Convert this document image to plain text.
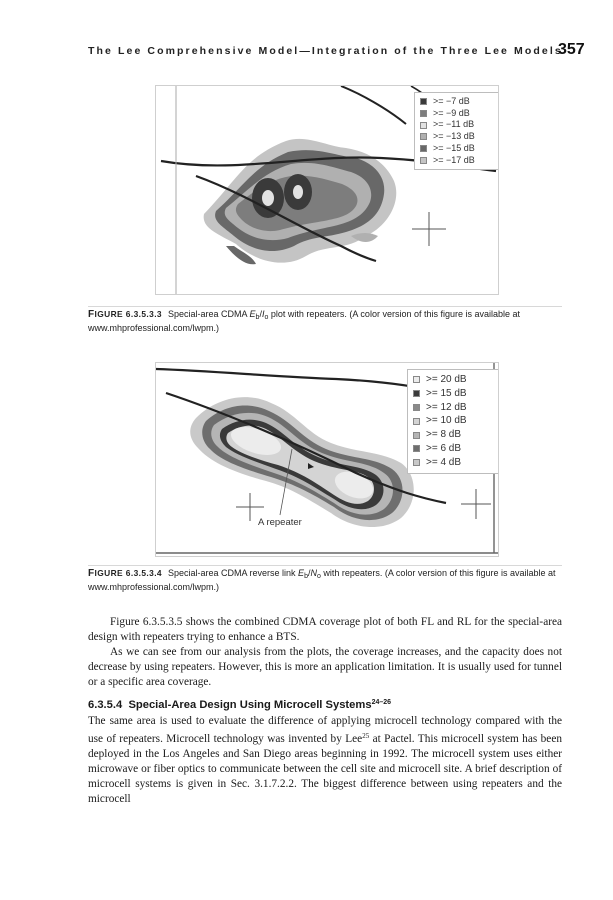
The Lee Comprehensive Model—Integration of the Three Lee Models
357
>= −7 dB
>= −9 dB
>= −11 dB
>= −13 dB
>= −15 dB
>= −17 dB
FIGURE 6.3.5.3.3 Special-area CDMA $E_b/I_o$ plot with repeaters. (A color version of this figure is available at www.mhprofessional.com/lwpm.)
>= 20 dB
>= 15 dB
>= 12 dB
>= 10 dB
>= 8 dB
>= 6 dB
>= 4 dB
A repeater
FIGURE 6.3.5.3.4 Special-area CDMA reverse link $E_b/N_o$ with repeaters. (A color version of this figure is available at www.mhprofessional.com/lwpm.)

Figure 6.3.5.3.5 shows the combined CDMA coverage plot of both FL and RL for the special-area design with repeaters trying to enhance a BTS.

As we can see from our analysis from the plots, the coverage increases, and the capacity does not decrease by using repeaters. However, this is more an application limitation. It is usually used for tunnel or a specific area coverage.

6.3.5.4 Special-Area Design Using Microcell Systems$^{24-26}$

The same area is used to evaluate the difference of applying microcell technology compared with the use of repeaters. Microcell technology was invented by Lee$^{25}$ at Pactel. This microcell system has been deployed in the Los Angeles and San Diego areas beginning in 1992. The microcell system uses either microwave or fiber optics to communicate between the cell site and microcell site. A brief description of microcell systems is given in Sec. 3.1.7.2.2. The biggest difference between using repeaters and the microcell
